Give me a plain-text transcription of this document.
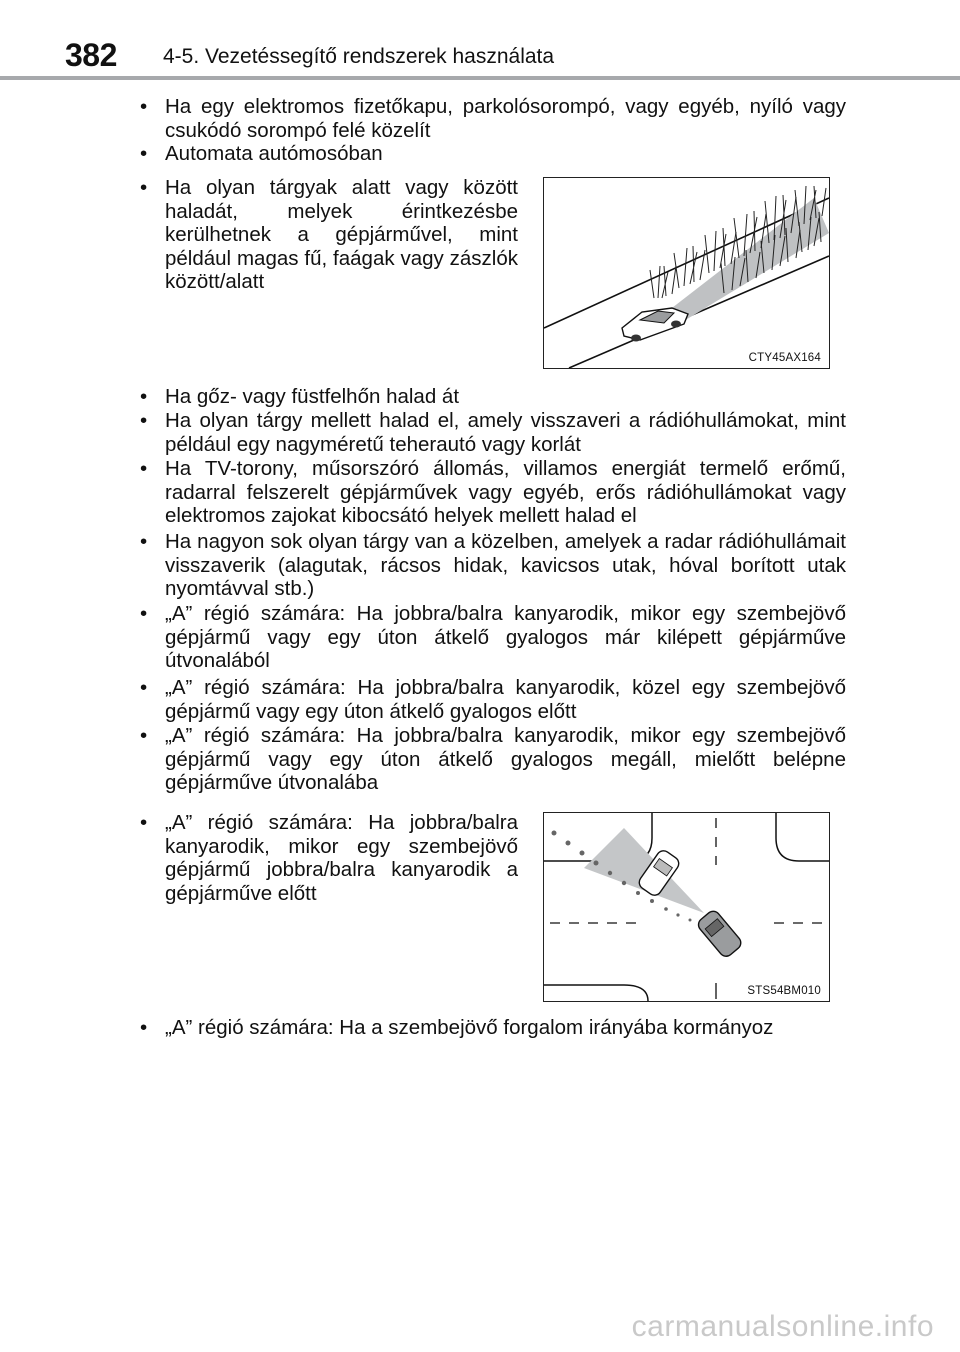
382 4-5. Vezetéssegítő rendszerek használata
• Ha egy elektromos fizetőkapu, parkolósorompó, vagy egyéb, nyíló vagy csukódó sorompó felé közelít
• Automata autómosóban
• Ha olyan tárgyak alatt vagy között haladát, melyek érintkezésbe kerülhetnek a gépjárművel, mint például magas fű, faágak vagy zászlók között/alatt
CTY45AX164
• Ha gőz- vagy füstfelhőn halad át
• Ha olyan tárgy mellett halad el, amely visszaveri a rádióhullámokat, mint például egy nagyméretű teherautó vagy korlát
• Ha TV-torony, műsorszóró állomás, villamos energiát termelő erőmű, radarral felszerelt gépjárművek vagy egyéb, erős rádióhullámokat vagy elektromos zajokat kibocsátó helyek mellett halad el
• Ha nagyon sok olyan tárgy van a közelben, amelyek a radar rádióhullámait visszaverik (alagutak, rácsos hidak, kavicsos utak, hóval borított utak nyomtávval stb.)
• „A” régió számára: Ha jobbra/balra kanyarodik, mikor egy szembejövő gépjármű vagy egy úton átkelő gyalogos már kilépett gépjárműve útvonalából
• „A” régió számára: Ha jobbra/balra kanyarodik, közel egy szembejövő gépjármű vagy egy úton átkelő gyalogos előtt
• „A” régió számára: Ha jobbra/balra kanyarodik, mikor egy szembejövő gépjármű vagy egy úton átkelő gyalogos megáll, mielőtt belépne gépjárműve útvonalába
• „A” régió számára: Ha jobbra/balra kanyarodik, mikor egy szembejövő gépjármű jobbra/balra kanyarodik a gépjárműve előtt
STS54BM010
• „A” régió számára: Ha a szembejövő forgalom irányába kormányoz
carmanualsonline.info
